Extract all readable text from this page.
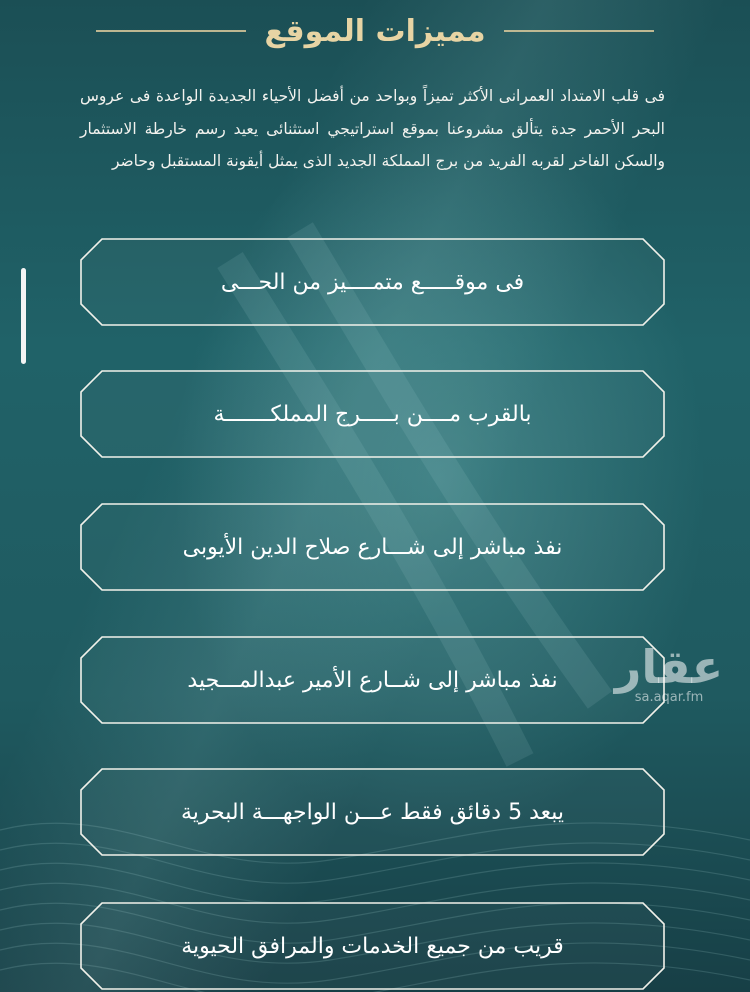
مميزات الموقع
فى قلب الامتداد العمرانى الأكثر تميزاً وبواحد من أفضل الأحياء الجديدة الواعدة فى عروس البحر الأحمر جدة يتألق مشروعنا بموقع استراتيجي استثنائى يعيد رسم خارطة الاستثمار والسكن الفاخر لقربه الفريد من برج المملكة الجديد الذى يمثل أيقونة المستقبل وحاضر
فى موقـــــع متمــــيز من الحـــى
بالقرب مــــن بـــــرج المملكـــــــة
نفذ مباشر إلى شـــارع صلاح الدين الأيوبى
نفذ مباشر إلى شــارع الأمير عبدالمـــجيد
يبعد 5 دقائق فقط عـــن الواجهـــة البحرية
قريب من جميع الخدمات والمرافق الحيوية
عقار
sa.aqar.fm
